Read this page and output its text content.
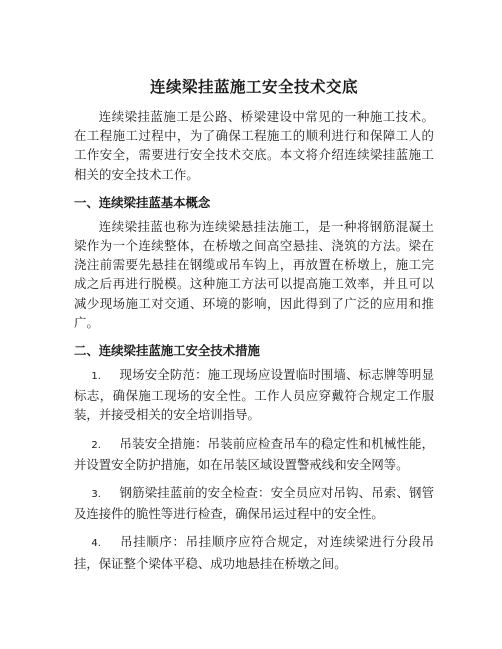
连续梁挂蓝施工安全技术交底

连续梁挂蓝施工是公路、桥梁建设中常见的一种施工技术。在工程施工过程中，为了确保工程施工的顺利进行和保障工人的工作安全，需要进行安全技术交底。本文将介绍连续梁挂蓝施工相关的安全技术工作。

一、连续梁挂蓝基本概念

连续梁挂蓝也称为连续梁悬挂法施工，是一种将钢筋混凝土梁作为一个连续整体，在桥墩之间高空悬挂、浇筑的方法。梁在浇注前需要先悬挂在钢缆或吊车钩上，再放置在桥墩上，施工完成之后再进行脱模。这种施工方法可以提高施工效率，并且可以减少现场施工对交通、环境的影响，因此得到了广泛的应用和推广。

二、连续梁挂蓝施工安全技术措施

1. 现场安全防范：施工现场应设置临时围墙、标志牌等明显标志，确保施工现场的安全性。工作人员应穿戴符合规定工作服装，并接受相关的安全培训指导。

2. 吊装安全措施：吊装前应检查吊车的稳定性和机械性能，并设置安全防护措施，如在吊装区域设置警戒线和安全网等。

3. 钢筋梁挂蓝前的安全检查：安全员应对吊钩、吊索、钢管及连接件的脆性等进行检查，确保吊运过程中的安全性。

4. 吊挂顺序：吊挂顺序应符合规定，对连续梁进行分段吊挂，保证整个梁体平稳、成功地悬挂在桥墩之间。
